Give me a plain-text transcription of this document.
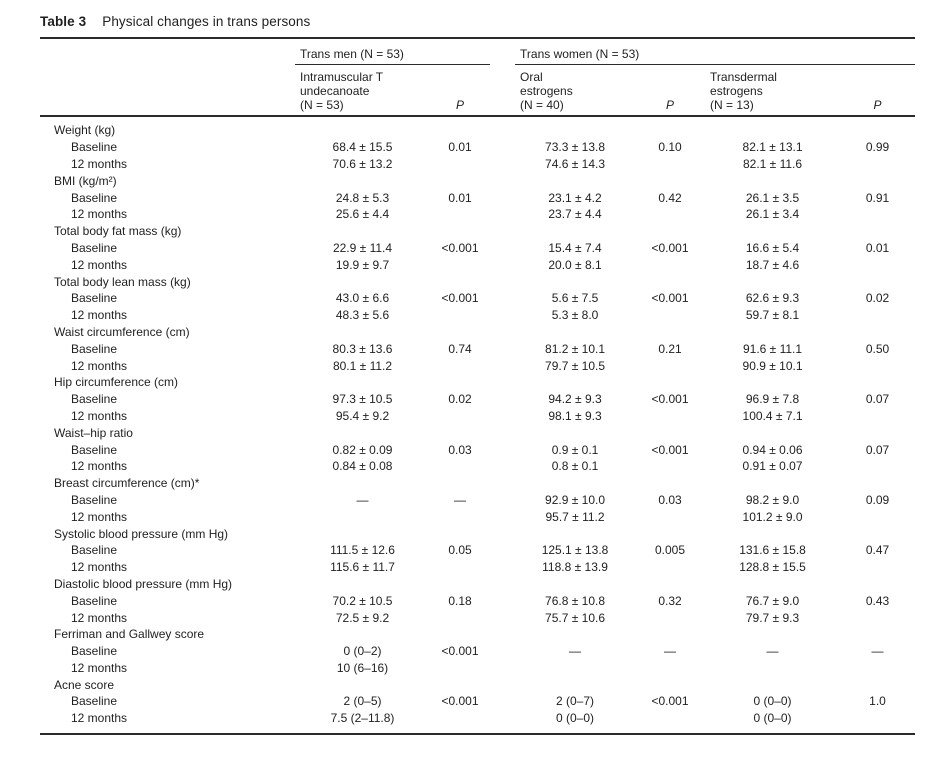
Table 3 Physical changes in trans persons

	Trans men (N = 53)			Trans women (N = 53)			

Intramuscular T
undecanoate
(N = 53)	P		
Oral
estrogens
(N = 40)	P	
Transdermal
estrogens
(N = 13)	P
Weight (kg)							
Baseline	68.4 ± 15.5	0.01		73.3 ± 13.8	0.10	82.1 ± 13.1	0.99
12 months	70.6 ± 13.2			74.6 ± 14.3		82.1 ± 11.6	
BMI (kg/m²)							
Baseline	24.8 ± 5.3	0.01		23.1 ± 4.2	0.42	26.1 ± 3.5	0.91
12 months	25.6 ± 4.4			23.7 ± 4.4		26.1 ± 3.4	
Total body fat mass (kg)							
Baseline	22.9 ± 11.4	<0.001		15.4 ± 7.4	<0.001	16.6 ± 5.4	0.01
12 months	19.9 ± 9.7			20.0 ± 8.1		18.7 ± 4.6	
Total body lean mass (kg)							
Baseline	43.0 ± 6.6	<0.001		5.6 ± 7.5	<0.001	62.6 ± 9.3	0.02
12 months	48.3 ± 5.6			5.3 ± 8.0		59.7 ± 8.1	
Waist circumference (cm)							
Baseline	80.3 ± 13.6	0.74		81.2 ± 10.1	0.21	91.6 ± 11.1	0.50
12 months	80.1 ± 11.2			79.7 ± 10.5		90.9 ± 10.1	
Hip circumference (cm)							
Baseline	97.3 ± 10.5	0.02		94.2 ± 9.3	<0.001	96.9 ± 7.8	0.07
12 months	95.4 ± 9.2			98.1 ± 9.3		100.4 ± 7.1	
Waist–hip ratio							
Baseline	0.82 ± 0.09	0.03		0.9 ± 0.1	<0.001	0.94 ± 0.06	0.07
12 months	0.84 ± 0.08			0.8 ± 0.1		0.91 ± 0.07	
Breast circumference (cm)*							
Baseline	—	—		92.9 ± 10.0	0.03	98.2 ± 9.0	0.09
12 months				95.7 ± 11.2		101.2 ± 9.0	
Systolic blood pressure (mm Hg)							
Baseline	111.5 ± 12.6	0.05		125.1 ± 13.8	0.005	131.6 ± 15.8	0.47
12 months	115.6 ± 11.7			118.8 ± 13.9		128.8 ± 15.5	
Diastolic blood pressure (mm Hg)							
Baseline	70.2 ± 10.5	0.18		76.8 ± 10.8	0.32	76.7 ± 9.0	0.43
12 months	72.5 ± 9.2			75.7 ± 10.6		79.7 ± 9.3	
Ferriman and Gallwey score							
Baseline	0 (0–2)	<0.001		—	—	—	—
12 months	10 (6–16)						
Acne score							
Baseline	2 (0–5)	<0.001		2 (0–7)	<0.001	0 (0–0)	1.0
12 months	7.5 (2–11.8)			0 (0–0)		0 (0–0)	
